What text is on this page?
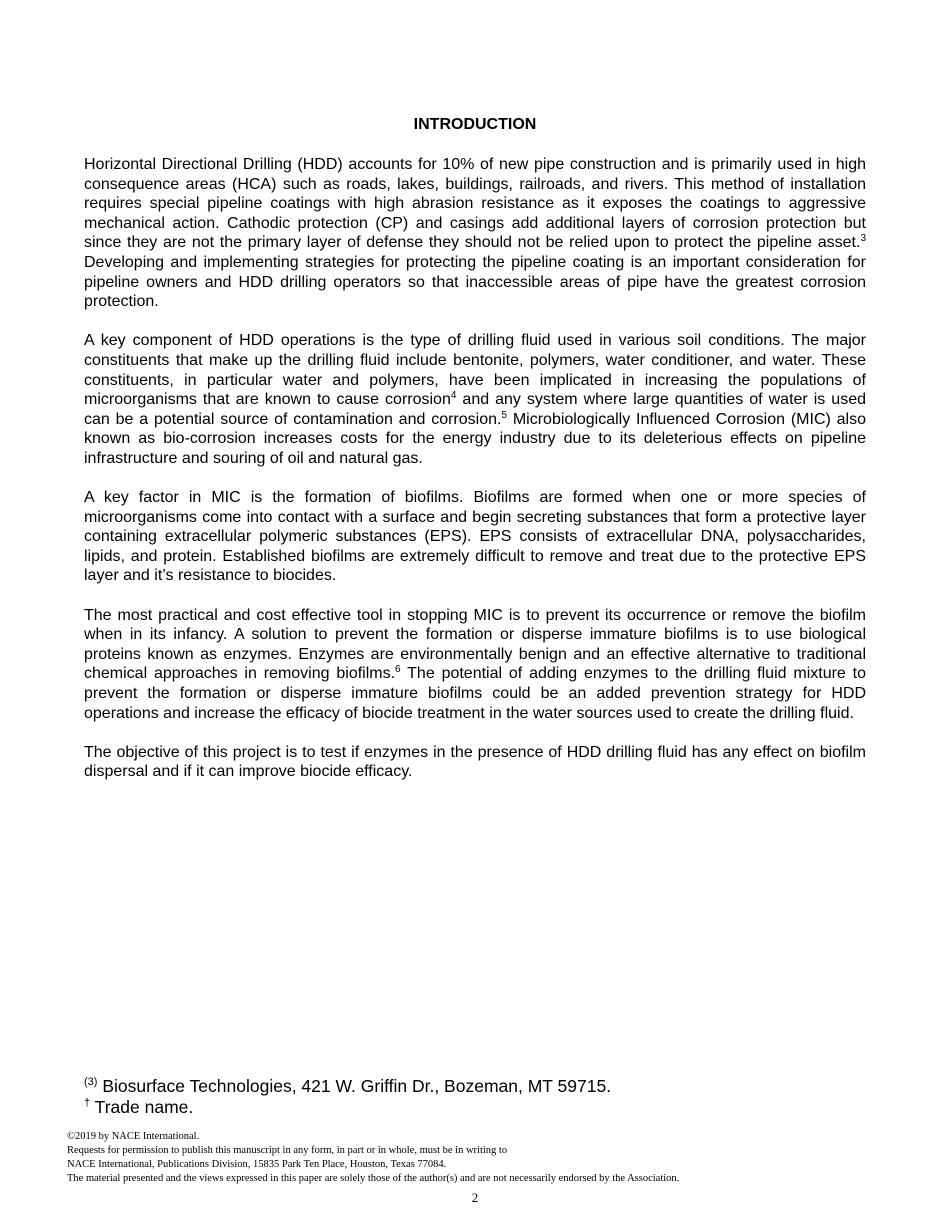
INTRODUCTION

Horizontal Directional Drilling (HDD) accounts for 10% of new pipe construction and is primarily used in high consequence areas (HCA) such as roads, lakes, buildings, railroads, and rivers. This method of installation requires special pipeline coatings with high abrasion resistance as it exposes the coatings to aggressive mechanical action. Cathodic protection (CP) and casings add additional layers of corrosion protection but since they are not the primary layer of defense they should not be relied upon to protect the pipeline asset.$^3$ Developing and implementing strategies for protecting the pipeline coating is an important consideration for pipeline owners and HDD drilling operators so that inaccessible areas of pipe have the greatest corrosion protection.

A key component of HDD operations is the type of drilling fluid used in various soil conditions. The major constituents that make up the drilling fluid include bentonite, polymers, water conditioner, and water. These constituents, in particular water and polymers, have been implicated in increasing the populations of microorganisms that are known to cause corrosion$^4$ and any system where large quantities of water is used can be a potential source of contamination and corrosion.$^5$ Microbiologically Influenced Corrosion (MIC) also known as bio-corrosion increases costs for the energy industry due to its deleterious effects on pipeline infrastructure and souring of oil and natural gas.

A key factor in MIC is the formation of biofilms. Biofilms are formed when one or more species of microorganisms come into contact with a surface and begin secreting substances that form a protective layer containing extracellular polymeric substances (EPS). EPS consists of extracellular DNA, polysaccharides, lipids, and protein. Established biofilms are extremely difficult to remove and treat due to the protective EPS layer and it’s resistance to biocides.

The most practical and cost effective tool in stopping MIC is to prevent its occurrence or remove the biofilm when in its infancy. A solution to prevent the formation or disperse immature biofilms is to use biological proteins known as enzymes. Enzymes are environmentally benign and an effective alternative to traditional chemical approaches in removing biofilms.$^6$ The potential of adding enzymes to the drilling fluid mixture to prevent the formation or disperse immature biofilms could be an added prevention strategy for HDD operations and increase the efficacy of biocide treatment in the water sources used to create the drilling fluid.

The objective of this project is to test if enzymes in the presence of HDD drilling fluid has any effect on biofilm dispersal and if it can improve biocide efficacy.

$^{(3)}$ Biosurface Technologies, 421 W. Griffin Dr., Bozeman, MT 59715.
† Trade name.
©2019 by NACE International.
Requests for permission to publish this manuscript in any form, in part or in whole, must be in writing to
NACE International, Publications Division, 15835 Park Ten Place, Houston, Texas 77084.
The material presented and the views expressed in this paper are solely those of the author(s) and are not necessarily endorsed by the Association.
2
